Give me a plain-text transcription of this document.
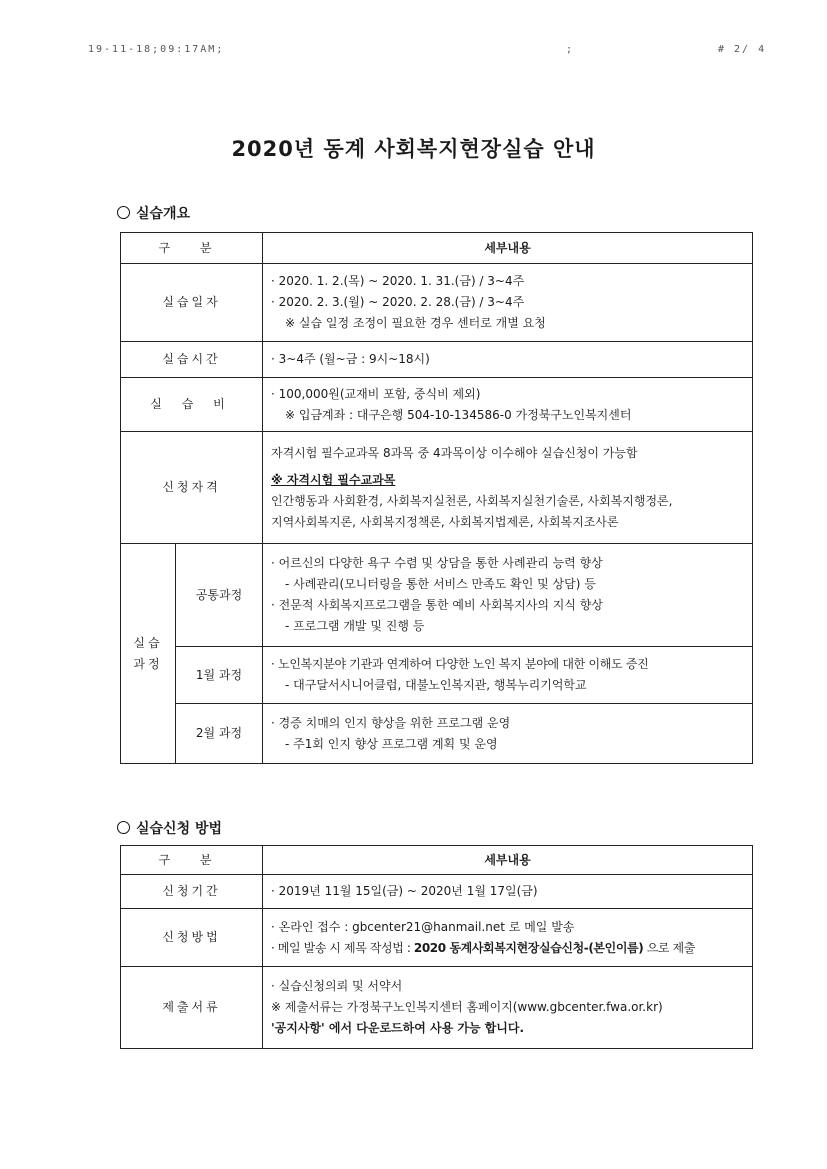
19-11-18;09:17AM;	;	# 2/ 4
2020년 동계 사회복지현장실습 안내
실습개요
구 분		세부내용
실습일자		· 2020. 1. 2.(목) ~ 2020. 1. 31.(금) / 3~4주
· 2020. 2. 3.(월) ~ 2020. 2. 28.(금) / 3~4주
※ 실습 일정 조정이 필요한 경우 센터로 개별 요청

실습시간		· 3~4주 (월~금 : 9시~18시)

실 습 비		· 100,000원(교재비 포함, 중식비 제외)
※ 입금계좌 : 대구은행 504-10-134586-0 가정북구노인복지센터

신청자격		자격시험 필수교과목 8과목 중 4과목이상 이수해야 실습신청이 가능함
※ 자격시험 필수교과목
인간행동과 사회환경, 사회복지실천론, 사회복지실천기술론, 사회복지행정론,
지역사회복지론, 사회복지정책론, 사회복지법제론, 사회복지조사론

실습
과정	공통과정	· 어르신의 다양한 욕구 수렴 및 상담을 통한 사례관리 능력 향상
- 사례관리(모니터링을 통한 서비스 만족도 확인 및 상담) 등
· 전문적 사회복지프로그램을 통한 예비 사회복지사의 지식 향상
- 프로그램 개발 및 진행 등

	1월 과정	· 노인복지분야 기관과 연계하여 다양한 노인 복지 분야에 대한 이해도 증진
- 대구달서시니어클럽, 대불노인복지관, 행복누리기억학교

	2월 과정	· 경증 치매의 인지 향상을 위한 프로그램 운영
- 주1회 인지 향상 프로그램 계획 및 운영
실습신청 방법
구 분	세부내용
신청기간	· 2019년 11월 15일(금) ~ 2020년 1월 17일(금)

신청방법	· 온라인 접수 : gbcenter21@hanmail.net 로 메일 발송
· 메일 발송 시 제목 작성법 : 2020 동계사회복지현장실습신청-(본인이름) 으로 제출

제출서류	· 실습신청의뢰 및 서약서
※ 제출서류는 가정북구노인복지센터 홈페이지(www.gbcenter.fwa.or.kr)
'공지사항' 에서 다운로드하여 사용 가능 합니다.
